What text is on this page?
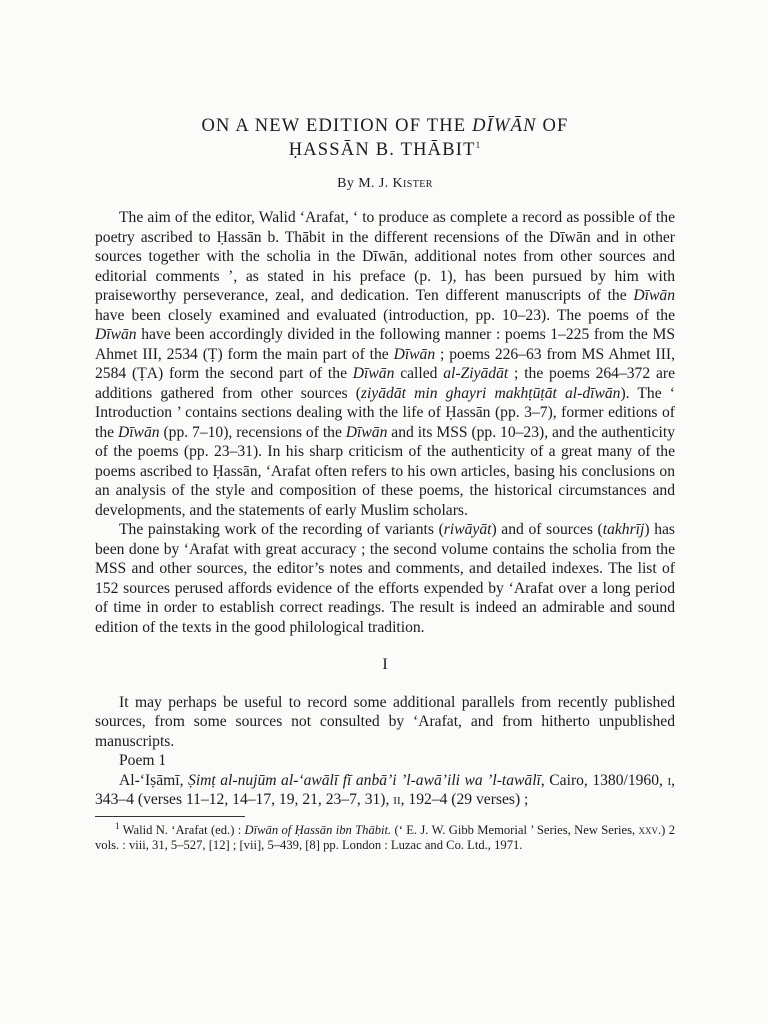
ON A NEW EDITION OF THE DĪWĀN OF
ḤASSĀN B. THĀBIT$^1$
By M. J. Kister

The aim of the editor, Walid ‘Arafat, ‘ to produce as complete a record as possible of the poetry ascribed to Ḥassān b. Thābit in the different recensions of the Dīwān and in other sources together with the scholia in the Dīwān, additional notes from other sources and editorial comments ’, as stated in his preface (p. 1), has been pursued by him with praiseworthy perseverance, zeal, and dedication. Ten different manuscripts of the Dīwān have been closely examined and evaluated (introduction, pp. 10–23). The poems of the Dīwān have been accordingly divided in the following manner : poems 1–225 from the MS Ahmet III, 2534 (Ṭ) form the main part of the Dīwān ; poems 226–63 from MS Ahmet III, 2584 (ṬA) form the second part of the Dīwān called al-Ziyādāt ; the poems 264–372 are additions gathered from other sources (ziyādāt min ghayri makhṭūṭāt al-dīwān). The ‘ Introduction ’ contains sections dealing with the life of Ḥassān (pp. 3–7), former editions of the Dīwān (pp. 7–10), recensions of the Dīwān and its MSS (pp. 10–23), and the authenticity of the poems (pp. 23–31). In his sharp criticism of the authenticity of a great many of the poems ascribed to Ḥassān, ‘Arafat often refers to his own articles, basing his conclusions on an analysis of the style and composition of these poems, the historical circumstances and developments, and the statements of early Muslim scholars.

The painstaking work of the recording of variants (riwāyāt) and of sources (takhrīj) has been done by ‘Arafat with great accuracy ; the second volume contains the scholia from the MSS and other sources, the editor’s notes and comments, and detailed indexes. The list of 152 sources perused affords evidence of the efforts expended by ‘Arafat over a long period of time in order to establish correct readings. The result is indeed an admirable and sound edition of the texts in the good philological tradition.

I

It may perhaps be useful to record some additional parallels from recently published sources, from some sources not consulted by ‘Arafat, and from hitherto unpublished manuscripts.

Poem 1

Al-‘Iṣāmī, Ṣimṭ al-nujūm al-‘awālī fī anbā’i ’l-awā’ili wa ’l-tawālī, Cairo, 1380/1960, i, 343–4 (verses 11–12, 14–17, 19, 21, 23–7, 31), ii, 192–4 (29 verses) ;

$^1$ Walid N. ‘Arafat (ed.) : Dīwān of Ḥassān ibn Thābit. (‘ E. J. W. Gibb Memorial ’ Series, New Series, xxv.) 2 vols. : viii, 31, 5–527, [12] ; [vii], 5–439, [8] pp. London : Luzac and Co. Ltd., 1971.
